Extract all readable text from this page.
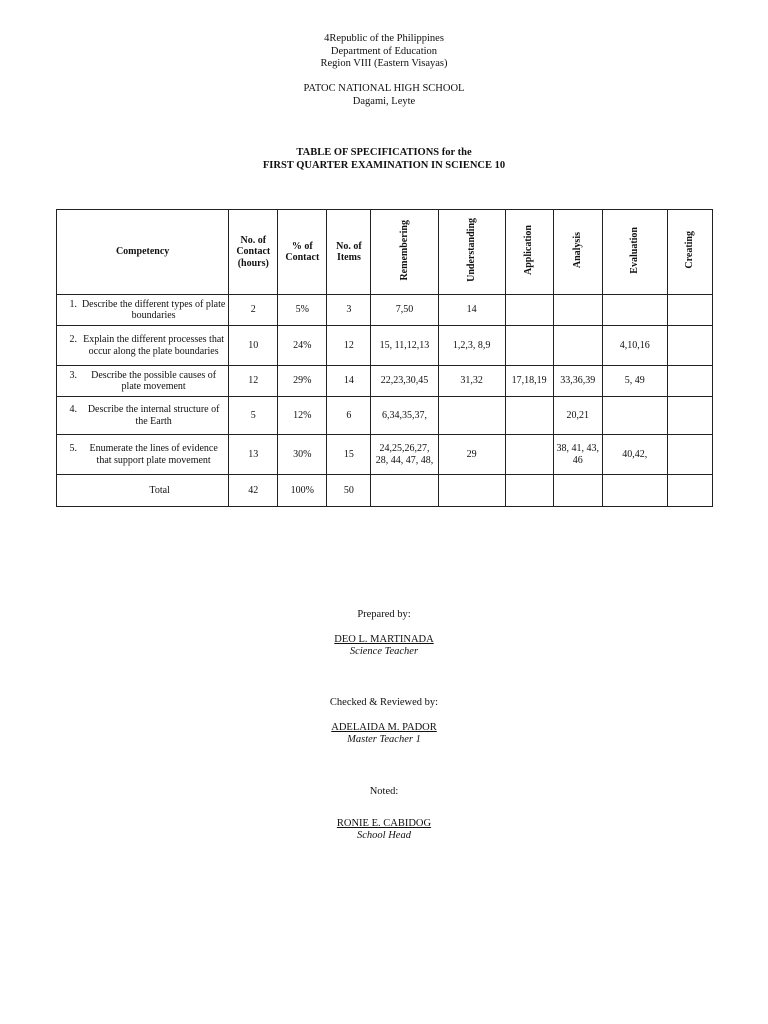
4Republic of the Philippines
Department of Education
Region VIII (Eastern Visayas)
PATOC NATIONAL HIGH SCHOOL
Dagami, Leyte
TABLE OF SPECIFICATIONS for the
FIRST QUARTER EXAMINATION IN SCIENCE 10
Competency	No. of Contact (hours)	% of Contact	No. of Items	Remembering	Understanding	Application	Analysis	Evaluation	Creating

1. Describe the different types of plate boundaries	2	5%	3	7,50	14				

2. Explain the different processes that occur along the plate boundaries	10	24%	12	15, 11,12,13	1,2,3, 8,9			4,10,16	

3. Describe the possible causes of plate movement	12	29%	14	22,23,30,45	31,32	17,18,19	33,36,39	5, 49	

4. Describe the internal structure of the Earth	5	12%	6	6,34,35,37,			20,21		

5. Enumerate the lines of evidence that support plate movement	13	30%	15	24,25,26,27, 28, 44, 47, 48,	29		38, 41, 43, 46	40,42,	
Total	42	100%	50						
Prepared by:
DEO L. MARTINADA
Science Teacher
Checked & Reviewed by:
ADELAIDA M. PADOR
Master Teacher 1
Noted:
RONIE E. CABIDOG
School Head
